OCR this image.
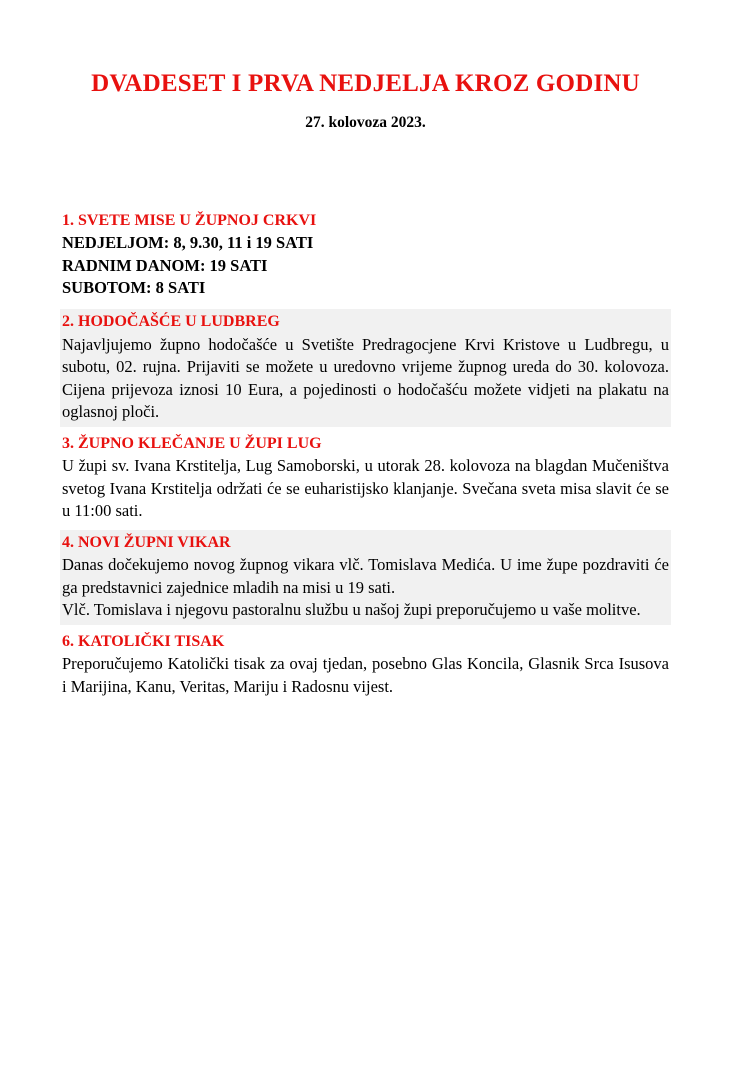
DVADESET I PRVA NEDJELJA KROZ GODINU
27. kolovoza 2023.
1. SVETE MISE U ŽUPNOJ CRKVI
NEDJELJOM: 8, 9.30, 11 i 19 SATI
RADNIM DANOM: 19 SATI
SUBOTOM: 8 SATI
2. HODOČAŠĆE U LUDBREG

Najavljujemo župno hodočašće u Svetište Predragocjene Krvi Kristove u Ludbregu, u subotu, 02. rujna. Prijaviti se možete u uredovno vrijeme župnog ureda do 30. kolovoza. Cijena prijevoza iznosi 10 Eura, a pojedinosti o hodočašću možete vidjeti na plakatu na oglasnoj ploči.

3. ŽUPNO KLEČANJE U ŽUPI LUG

U župi sv. Ivana Krstitelja, Lug Samoborski, u utorak 28. kolovoza na blagdan Mučeništva svetog Ivana Krstitelja održati će se euharistijsko klanjanje. Svečana sveta misa slavit će se u 11:00 sati.

4. NOVI ŽUPNI VIKAR

Danas dočekujemo novog župnog vikara vlč. Tomislava Medića. U ime župe pozdraviti će ga predstavnici zajednice mladih na misi u 19 sati.

Vlč. Tomislava i njegovu pastoralnu službu u našoj župi preporučujemo u vaše molitve.

6. KATOLIČKI TISAK

Preporučujemo Katolički tisak za ovaj tjedan, posebno Glas Koncila, Glasnik Srca Isusova i Marijina, Kanu, Veritas, Mariju i Radosnu vijest.
